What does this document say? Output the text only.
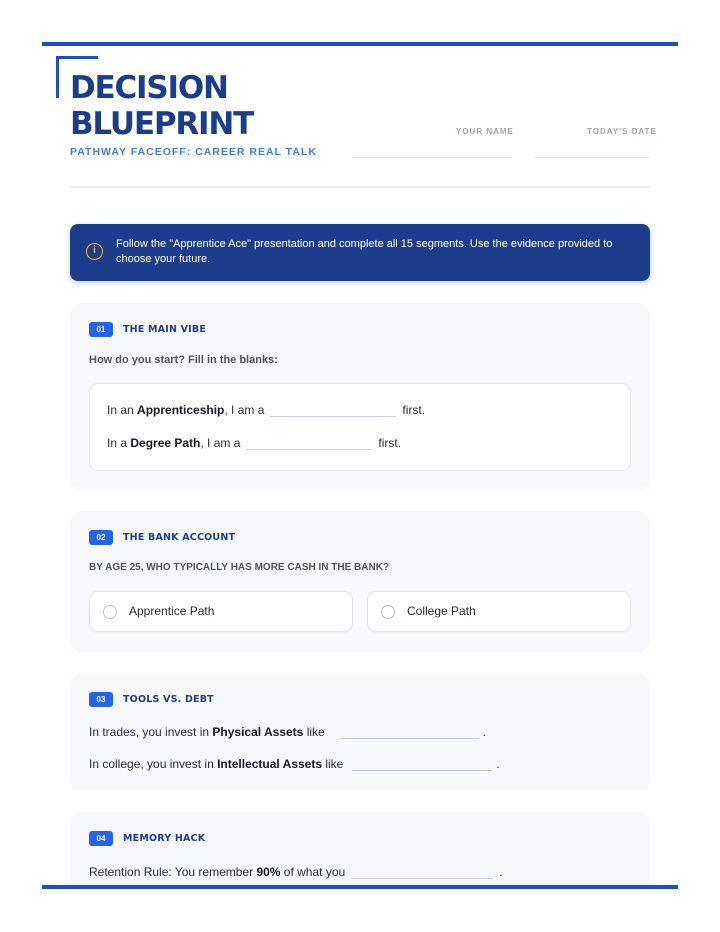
DECISION
BLUEPRINT
PATHWAY FACEOFF: CAREER REAL TALK
YOUR NAME	TODAY'S DATE
i
Follow the "Apprentice Ace" presentation and complete all 15 segments. Use the evidence provided to choose your future.
01	THE MAIN VIBE
How do you start? Fill in the blanks:
In an Apprenticeship, I am a	first.
In a Degree Path, I am a	first.
02	THE BANK ACCOUNT
BY AGE 25, WHO TYPICALLY HAS MORE CASH IN THE BANK?
Apprentice Path	College Path
03	TOOLS VS. DEBT
In trades, you invest in Physical Assets like	.
In college, you invest in Intellectual Assets like	.
04	MEMORY HACK
Retention Rule: You remember 90% of what you	.
